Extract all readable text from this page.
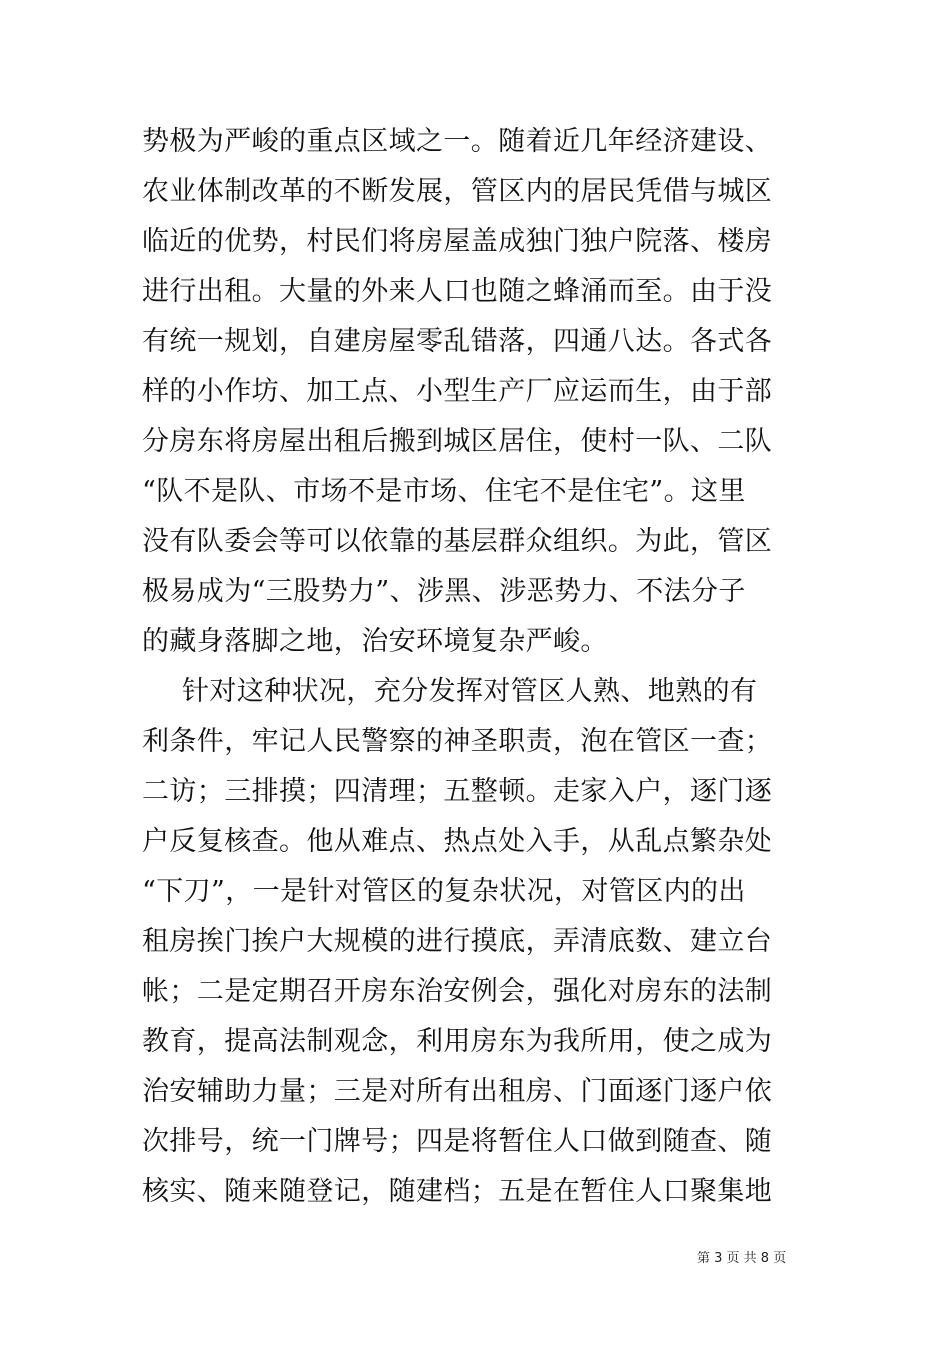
势极为严峻的重点区域之一。随着近几年经济建设、
农业体制改革的不断发展，管区内的居民凭借与城区
临近的优势，村民们将房屋盖成独门独户院落、楼房
进行出租。大量的外来人口也随之蜂涌而至。由于没
有统一规划，自建房屋零乱错落，四通八达。各式各
样的小作坊、加工点、小型生产厂应运而生，由于部
分房东将房屋出租后搬到城区居住，使村一队、二队
“队不是队、市场不是市场、住宅不是住宅”。这里
没有队委会等可以依靠的基层群众组织。为此，管区
极易成为“三股势力”、涉黑、涉恶势力、不法分子
的藏身落脚之地，治安环境复杂严峻。
针对这种状况，充分发挥对管区人熟、地熟的有
利条件，牢记人民警察的神圣职责，泡在管区一查；
二访；三排摸；四清理；五整顿。走家入户，逐门逐
户反复核查。他从难点、热点处入手，从乱点繁杂处
“下刀”，一是针对管区的复杂状况，对管区内的出
租房挨门挨户大规模的进行摸底，弄清底数、建立台
帐；二是定期召开房东治安例会，强化对房东的法制
教育，提高法制观念，利用房东为我所用，使之成为
治安辅助力量；三是对所有出租房、门面逐门逐户依
次排号，统一门牌号；四是将暂住人口做到随查、随
核实、随来随登记，随建档；五是在暂住人口聚集地
第 3 页 共 8 页
